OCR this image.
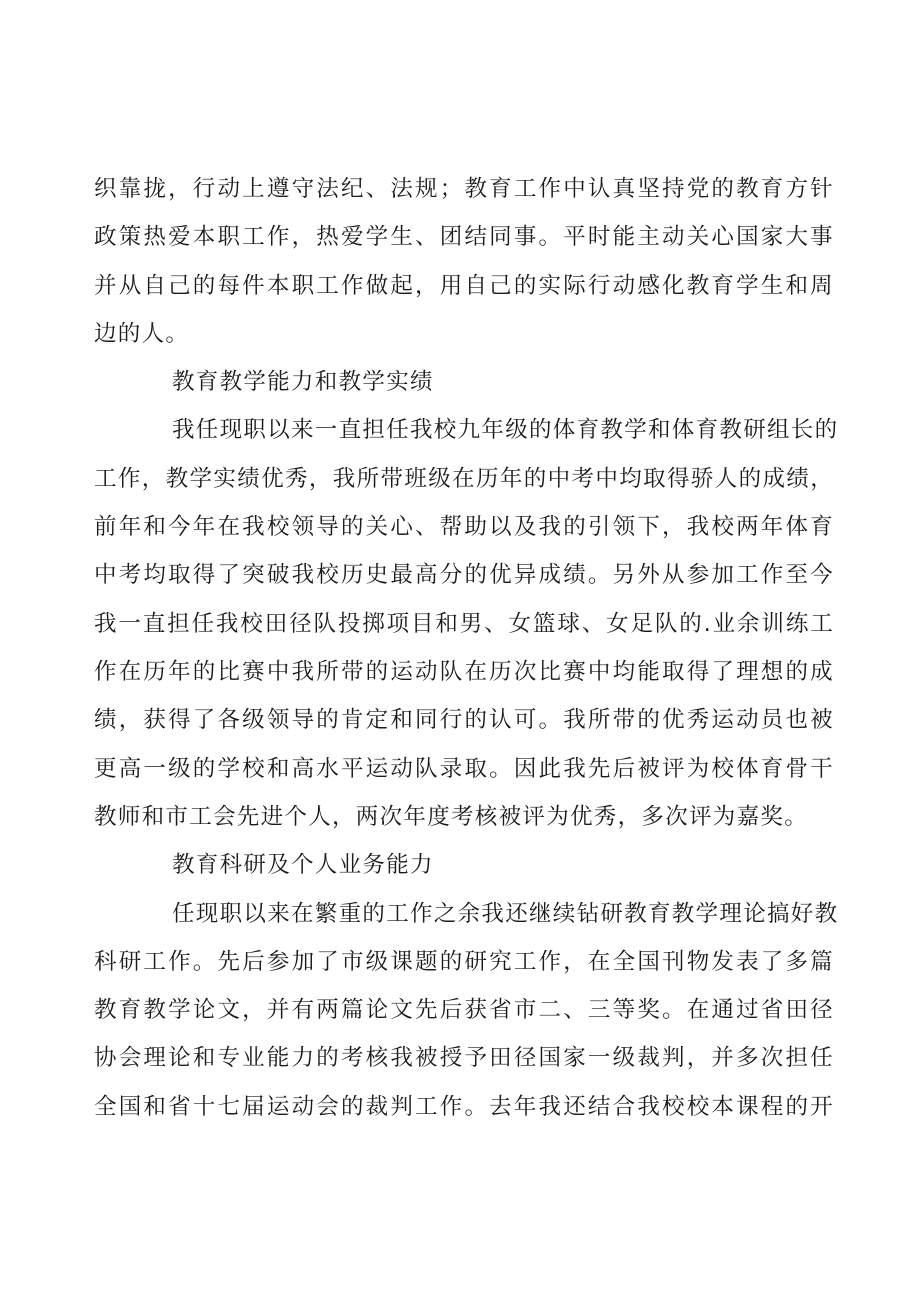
织靠拢，行动上遵守法纪、法规；教育工作中认真坚持党的教育方针
政策热爱本职工作，热爱学生、团结同事。平时能主动关心国家大事
并从自己的每件本职工作做起，用自己的实际行动感化教育学生和周
边的人。
教育教学能力和教学实绩
我任现职以来一直担任我校九年级的体育教学和体育教研组长的
工作，教学实绩优秀，我所带班级在历年的中考中均取得骄人的成绩，
前年和今年在我校领导的关心、帮助以及我的引领下，我校两年体育
中考均取得了突破我校历史最高分的优异成绩。另外从参加工作至今
我一直担任我校田径队投掷项目和男、女篮球、女足队的.业余训练工
作在历年的比赛中我所带的运动队在历次比赛中均能取得了理想的成
绩，获得了各级领导的肯定和同行的认可。我所带的优秀运动员也被
更高一级的学校和高水平运动队录取。因此我先后被评为校体育骨干
教师和市工会先进个人，两次年度考核被评为优秀，多次评为嘉奖。
教育科研及个人业务能力
任现职以来在繁重的工作之余我还继续钻研教育教学理论搞好教
科研工作。先后参加了市级课题的研究工作，在全国刊物发表了多篇
教育教学论文，并有两篇论文先后获省市二、三等奖。在通过省田径
协会理论和专业能力的考核我被授予田径国家一级裁判，并多次担任
全国和省十七届运动会的裁判工作。去年我还结合我校校本课程的开
